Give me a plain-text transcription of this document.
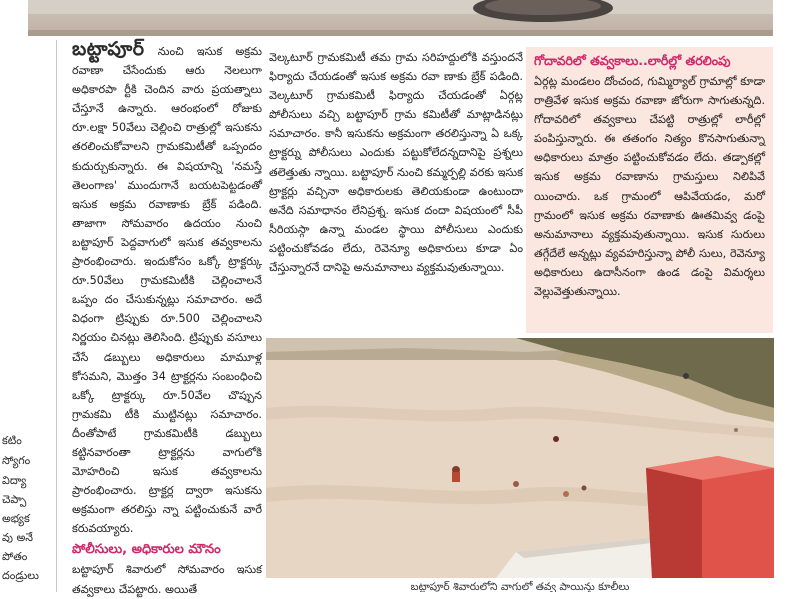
కటిం
స్యోగం
విద్యా
చెప్పా
అభ్యక
వు అనే
పోతం
దండ్రులు

బట్టాపూర్ నుంచి ఇసుక అక్రమ రవాణా చేసేందుకు ఆరు నెలలుగా అధికారపా ర్టీకి చెందిన వారు ప్రయత్నాలు చేస్తూనే ఉన్నారు. ఆరంభంలో రోజుకు రూ.లక్షా 50వేలు చెల్లించి రాత్రుల్లో ఇసుకను తరలించుకోవాలని గ్రామకమిటీతో ఒప్పందం కుదుర్చుకున్నారు. ఈ విషయాన్ని 'నమస్తే తెలంగాణ' ముందుగానే బయటపెట్టడంతో ఇసుక అక్రమ రవాణాకు బ్రేక్ పడింది. తాజాగా సోమవారం ఉదయం నుంచి బట్టాపూర్ పెద్దవాగులో ఇసుక తవ్వకాలను ప్రారంభించారు. ఇందుకోసం ఒక్కో ట్రాక్టర్కు రూ.50వేలు గ్రామకమిటీకి చెల్లించాలనే ఒప్పం దం చేసుకున్నట్లు సమాచారం. అదే విధంగా ట్రిప్పుకు రూ.500 చెల్లించాలని నిర్ణయం చినట్లు తెలిసింది. ట్రిప్పుకు వసూలు చేసే డబ్బులు అధికారులు మామూళ్ల కోసమని, మొత్తం 34 ట్రాక్టర్లను సంబంధించి ఒక్కో ట్రాక్టర్కు రూ.50వేల చొప్పున గ్రామకమి టీకి ముట్టినట్లు సమాచారం. దీంతోపాటే గ్రామకమిటీకి డబ్బులు కట్టినవారంతా ట్రాక్టర్లను వాగులోకి మోహరించి ఇసుక తవ్వకాలను ప్రారంభించారు. ట్రాక్టర్ల ద్వారా ఇసుకను అక్రమంగా తరలిస్తు న్నా పట్టించుకునే వారే కరువయ్యారు.

పోలీసులు, అధికారుల మౌనం

బట్టాపూర్ శివారులో సోమవారం ఇసుక తవ్వకాలు చేపట్టారు. అయితే

వెల్కటూర్ గ్రామకమిటీ తమ గ్రామ సరిహద్దులోకి వస్తుందనే ఫిర్యాదు చేయడంతో ఇసుక అక్రమ రవా ణాకు బ్రేక్ పడింది. వెల్కటూర్ గ్రామకమిటీ ఫిర్యాదు చేయడంతో ఏర్గట్ల పోలీసులు వచ్చి బట్టాపూర్ గ్రామ కమిటీతో మాట్లాడినట్లు సమాచారం. కానీ ఇసుకను అక్రమంగా తరలిస్తున్నా ఏ ఒక్క ట్రాక్టర్ను పోలీసులు ఎందుకు పట్టుకోలేదన్నదానిపై ప్రశ్నలు తలెత్తుతు న్నాయి. బట్టాపూర్ నుంచి కమ్మర్పల్లి వరకు ఇసుక ట్రాక్టర్లు వచ్చినా అధికారులకు తెలియకుండా ఉంటుందా అనేది సమాధానం లేనిప్రశ్న. ఇసుక దందా విషయంలో సీపీ సీరియస్గా ఉన్నా మండల స్థాయి పోలీసులు ఎందుకు పట్టించుకోవడం లేదు, రెవెన్యూ అధికారులు కూడా ఏం చేస్తున్నారనే దానిపై అనుమానాలు వ్యక్తమవుతున్నాయి.

గోదావరిలో తవ్వకాలు..లారీల్లో తరలింపు
ఏర్గట్ల మండలం దోంచంద, గుమ్మిర్యాల్ గ్రామాల్లో కూడా రాత్రివేళ ఇసుక అక్రమ రవాణా జోరుగా సాగుతున్నది. గోదావరిలో తవ్వకాలు చేపట్టి రాత్రుల్లో లారీల్లో పంపిస్తున్నారు. ఈ తతంగం నిత్యం కొనసాగుతున్నా అధికారులు మాత్రం పట్టించుకోవడం లేదు. తడ్పాకల్లో ఇసుక అక్రమ రవాణాను గ్రామస్తులు నిలిపివే యించారు. ఒక గ్రామంలో ఆపివేయడం, మరో గ్రామంలో ఇసుక అక్రమ రవాణాకు ఊతమివ్వ డంపై అనుమానాలు వ్యక్తమవుతున్నాయి. ఇసుక సురులు తగ్గేదేలే అన్నట్లు వ్యవహరిస్తున్నా పోలీ సులు, రెవెన్యూ అధికారులు ఉదాసీనంగా ఉండ డంపై విమర్శలు వెల్లువెత్తుతున్నాయి.
బట్టాపూర్ శివారులోని వాగులో తవ్వ పాయిన్తు కూలీలు
